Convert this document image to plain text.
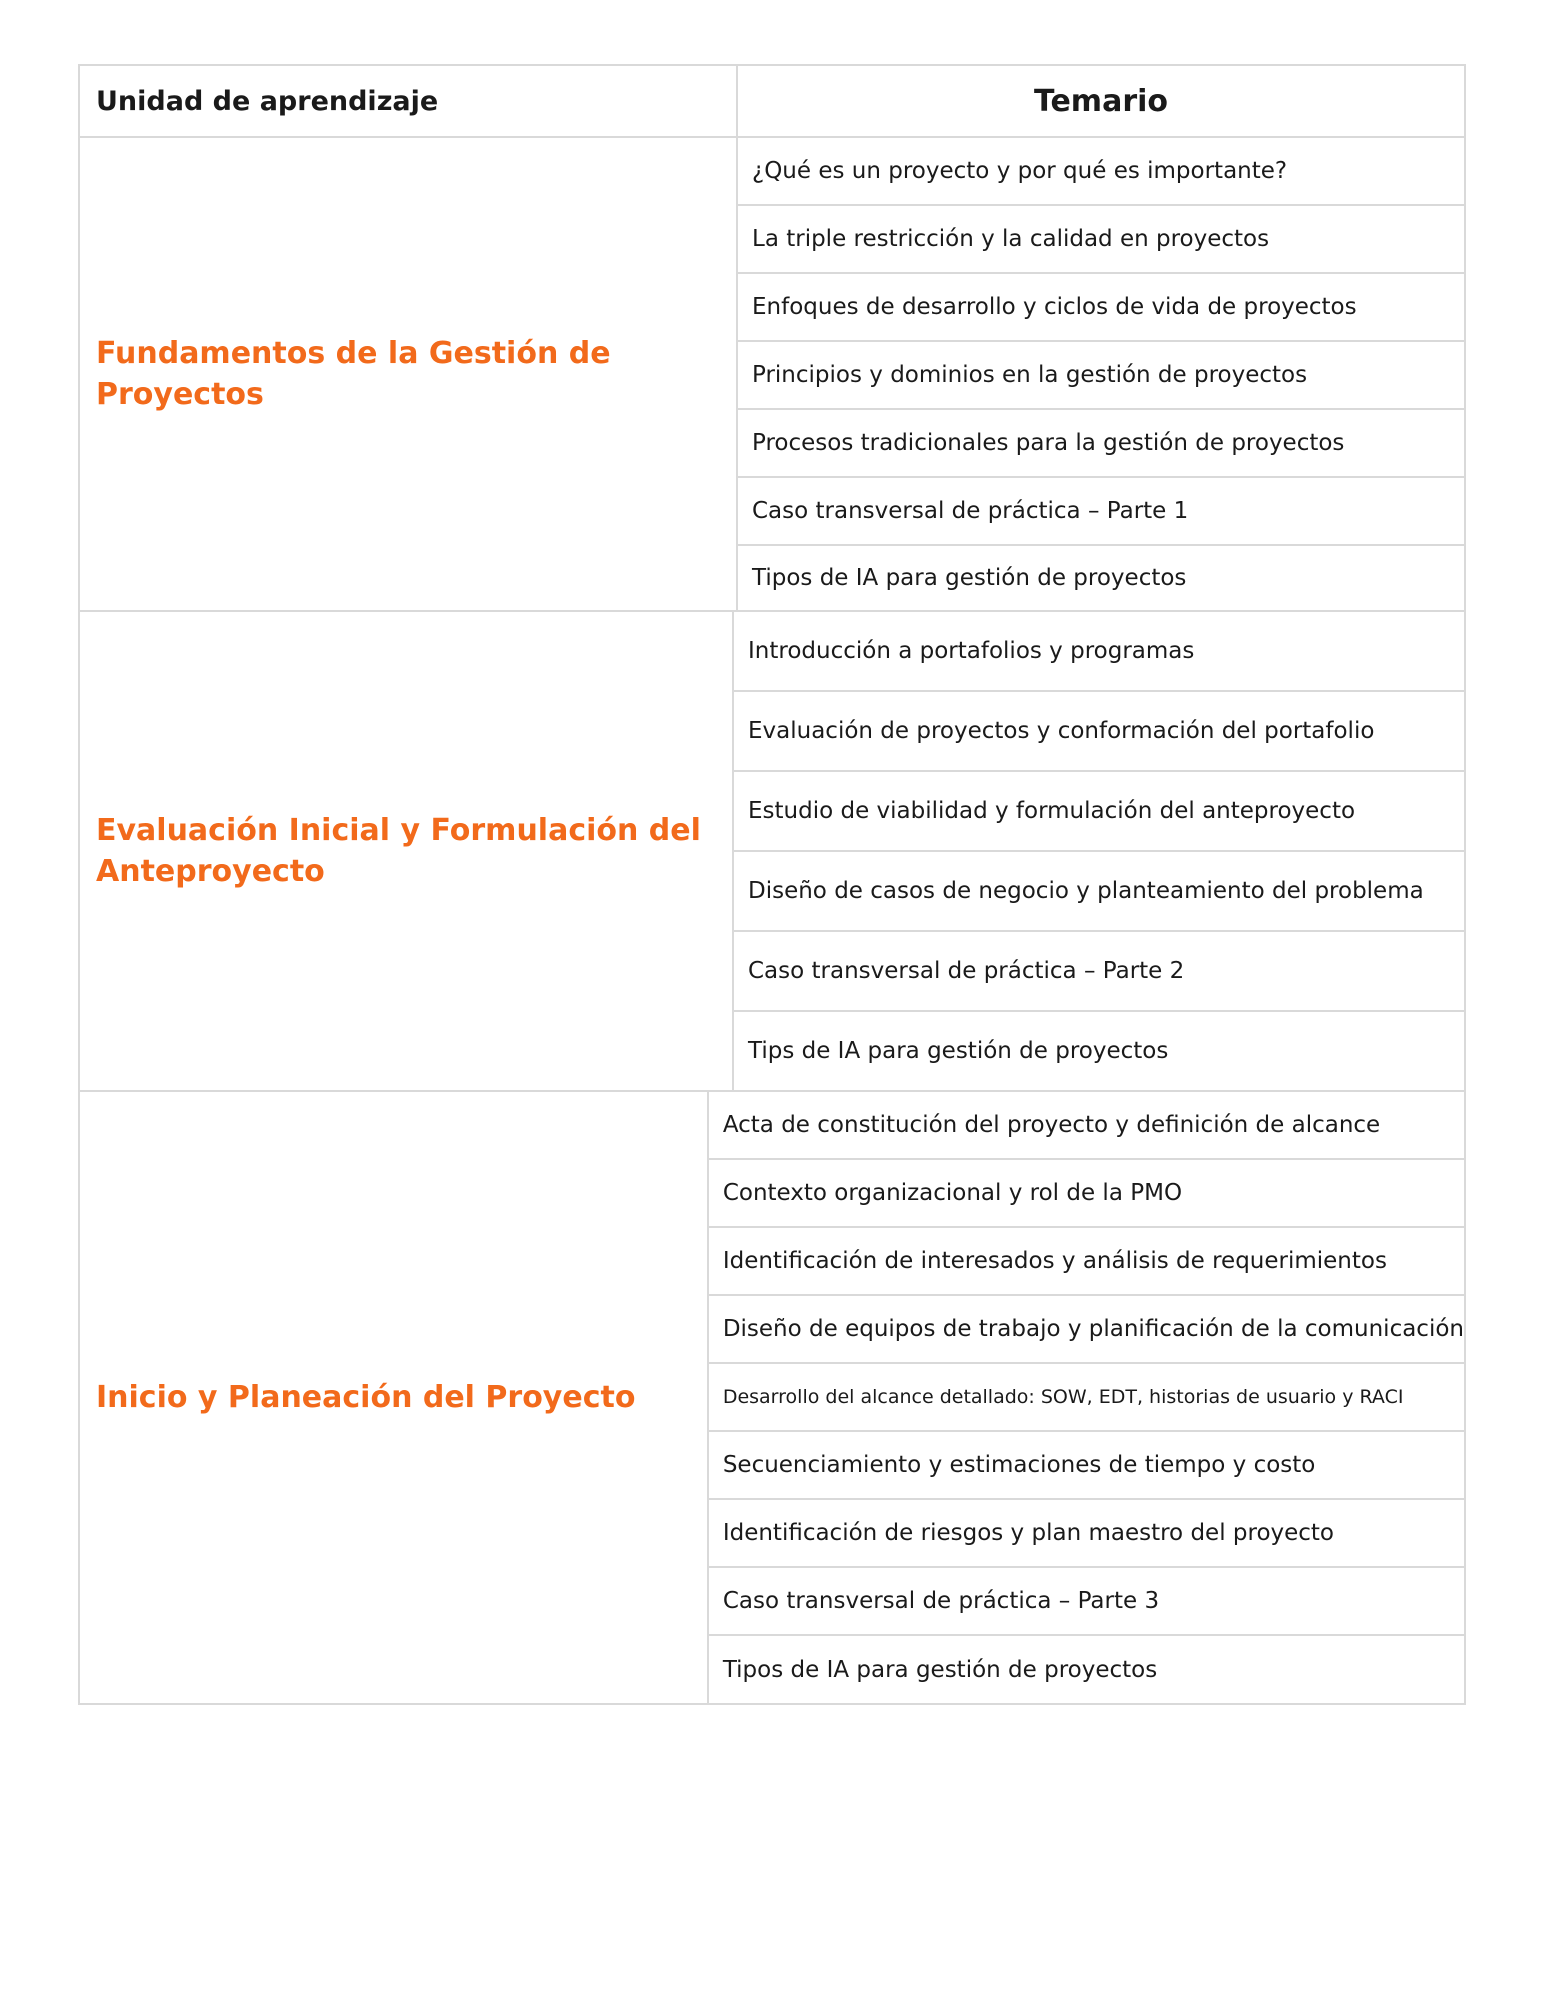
Unidad de aprendizaje	Temario
Fundamentos de la Gestión de Proyectos
¿Qué es un proyecto y por qué es importante?
La triple restricción y la calidad en proyectos
Enfoques de desarrollo y ciclos de vida de proyectos
Principios y dominios en la gestión de proyectos
Procesos tradicionales para la gestión de proyectos
Caso transversal de práctica – Parte 1
Tipos de IA para gestión de proyectos
Evaluación Inicial y Formulación del Anteproyecto
Introducción a portafolios y programas
Evaluación de proyectos y conformación del portafolio
Estudio de viabilidad y formulación del anteproyecto
Diseño de casos de negocio y planteamiento del problema
Caso transversal de práctica – Parte 2
Tips de IA para gestión de proyectos
Inicio y Planeación del Proyecto
Acta de constitución del proyecto y definición de alcance
Contexto organizacional y rol de la PMO
Identificación de interesados y análisis de requerimientos
Diseño de equipos de trabajo y planificación de la comunicación
Desarrollo del alcance detallado: SOW, EDT, historias de usuario y RACI
Secuenciamiento y estimaciones de tiempo y costo
Identificación de riesgos y plan maestro del proyecto
Caso transversal de práctica – Parte 3
Tipos de IA para gestión de proyectos
